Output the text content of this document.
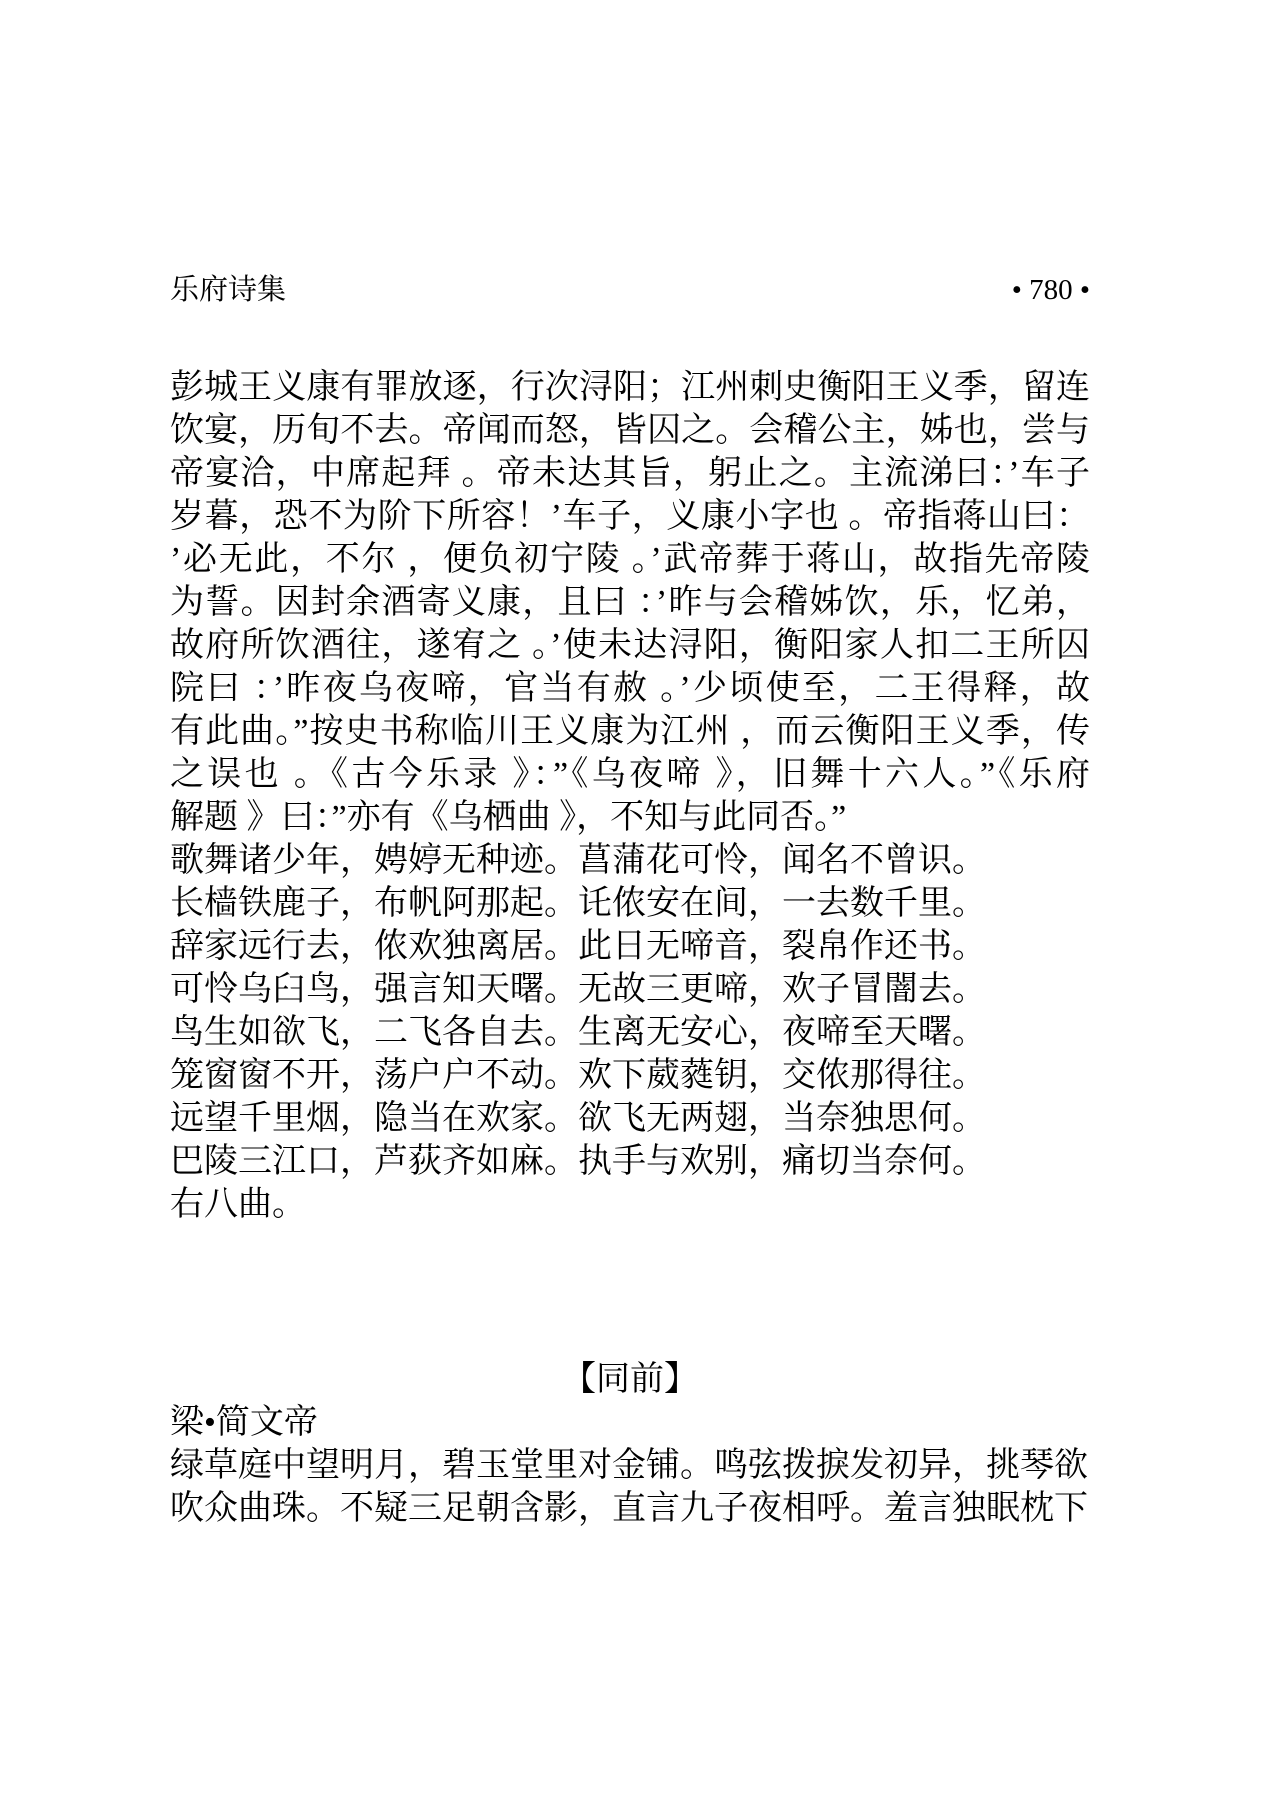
乐府诗集	• 780 •
彭城王义康有罪放逐，行次浔阳；江州刺史衡阳王义季，留连
饮宴，历旬不去。帝闻而怒，皆囚之。会稽公主，姊也，尝与
帝宴洽，中席起拜 。帝未达其旨，躬止之。主流涕曰：’车子
岁暮，恐不为阶下所容！’车子，义康小字也 。帝指蒋山曰：
’必无此，不尔 ，便负初宁陵 。’武帝葬于蒋山，故指先帝陵
为誓。因封余酒寄义康，且曰 ：’昨与会稽姊饮，乐，忆弟，
故府所饮酒往，遂宥之 。’使未达浔阳，衡阳家人扣二王所囚
院曰 ：’昨夜乌夜啼，官当有赦 。’少顷使至，二王得释，故
有此曲。”按史书称临川王义康为江州 ，而云衡阳王义季，传
之误也 。《古今乐录 》：”《乌夜啼 》，旧舞十六人。”《乐府
解题 》曰：”亦有《乌栖曲 》，不知与此同否。”
歌舞诸少年，娉婷无种迹。菖蒲花可怜，闻名不曾识。
长樯铁鹿子，布帆阿那起。讬侬安在间，一去数千里。
辞家远行去，侬欢独离居。此日无啼音，裂帛作还书。
可怜乌臼鸟，强言知天曙。无故三更啼，欢子冒闇去。
鸟生如欲飞，二飞各自去。生离无安心，夜啼至天曙。
笼窗窗不开，荡户户不动。欢下葳蕤钥，交侬那得往。
远望千里烟，隐当在欢家。欲飞无两翅，当奈独思何。
巴陵三江口，芦荻齐如麻。执手与欢别，痛切当奈何。
右八曲。
【同前】
梁•简文帝
绿草庭中望明月，碧玉堂里对金铺。鸣弦拨捩发初异，挑琴欲
吹众曲珠。不疑三足朝含影，直言九子夜相呼。羞言独眠枕下
